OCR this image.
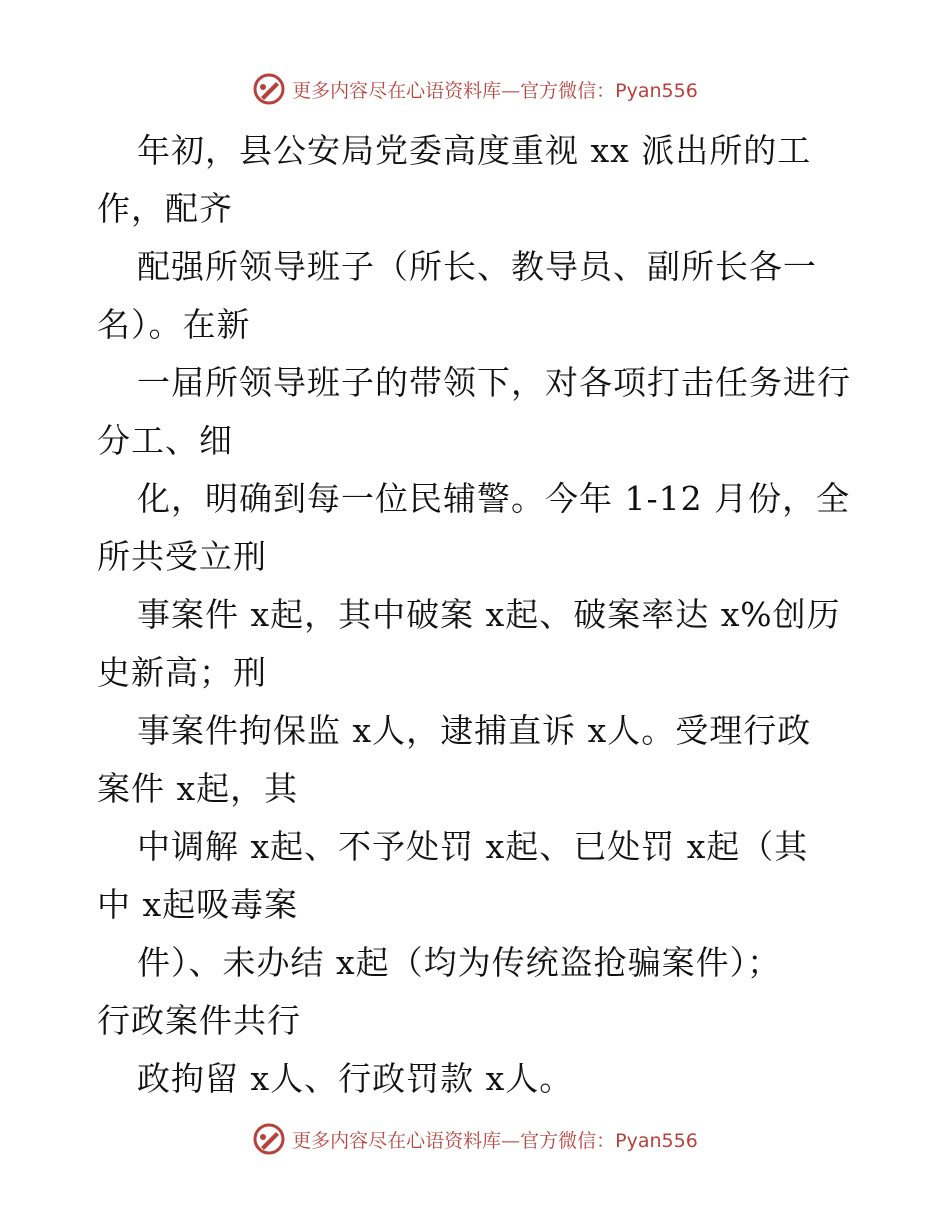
更多内容尽在心语资料库—官方微信：Pyan556
年初，县公安局党委高度重视 xx 派出所的工
作，配齐
配强所领导班子（所长、教导员、副所长各一
名）。在新
一届所领导班子的带领下，对各项打击任务进行
分工、细
化，明确到每一位民辅警。今年 1-12 月份，全
所共受立刑
事案件 x起，其中破案 x起、破案率达 x%创历
史新高；刑
事案件拘保监 x人，逮捕直诉 x人。受理行政
案件 x起，其
中调解 x起、不予处罚 x起、已处罚 x起（其
中 x起吸毒案
件）、未办结 x起（均为传统盗抢骗案件）；
行政案件共行
政拘留 x人、行政罚款 x人。
更多内容尽在心语资料库—官方微信：Pyan556
